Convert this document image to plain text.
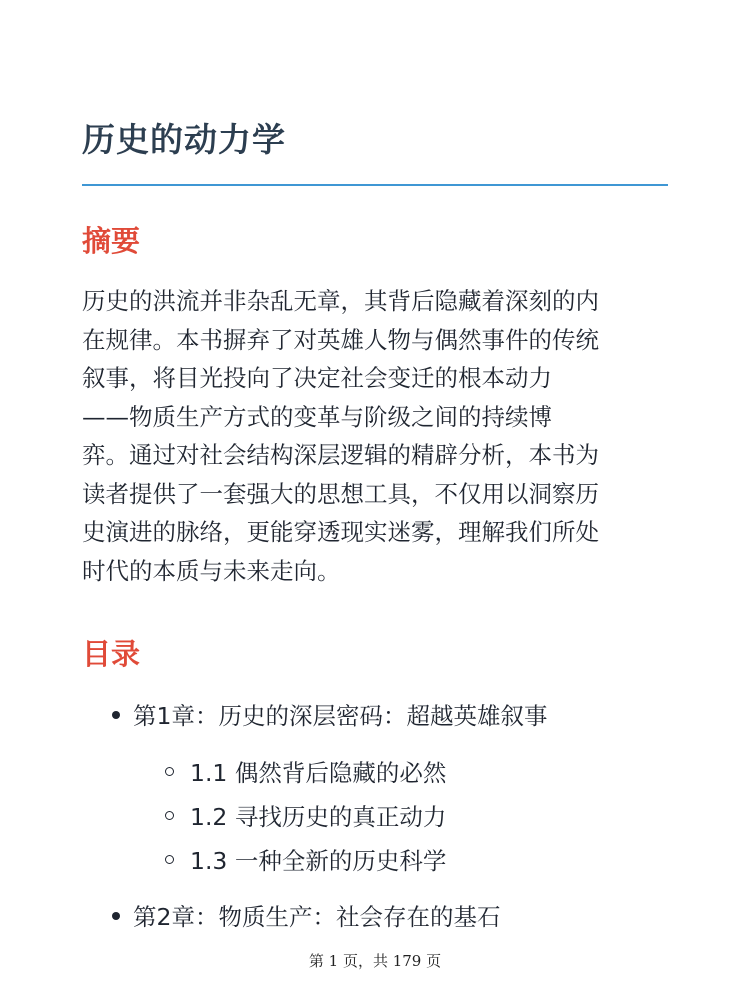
历史的动力学
摘要

历史的洪流并非杂乱无章，其背后隐藏着深刻的内
在规律。本书摒弃了对英雄人物与偶然事件的传统
叙事，将目光投向了决定社会变迁的根本动力
——物质生产方式的变革与阶级之间的持续博
弈。通过对社会结构深层逻辑的精辟分析，本书为
读者提供了一套强大的思想工具，不仅用以洞察历
史演进的脉络，更能穿透现实迷雾，理解我们所处
时代的本质与未来走向。

目录
第1章：历史的深层密码：超越英雄叙事
1.1 偶然背后隐藏的必然
1.2 寻找历史的真正动力
1.3 一种全新的历史科学
第2章：物质生产：社会存在的基石
第 1 页，共 179 页
